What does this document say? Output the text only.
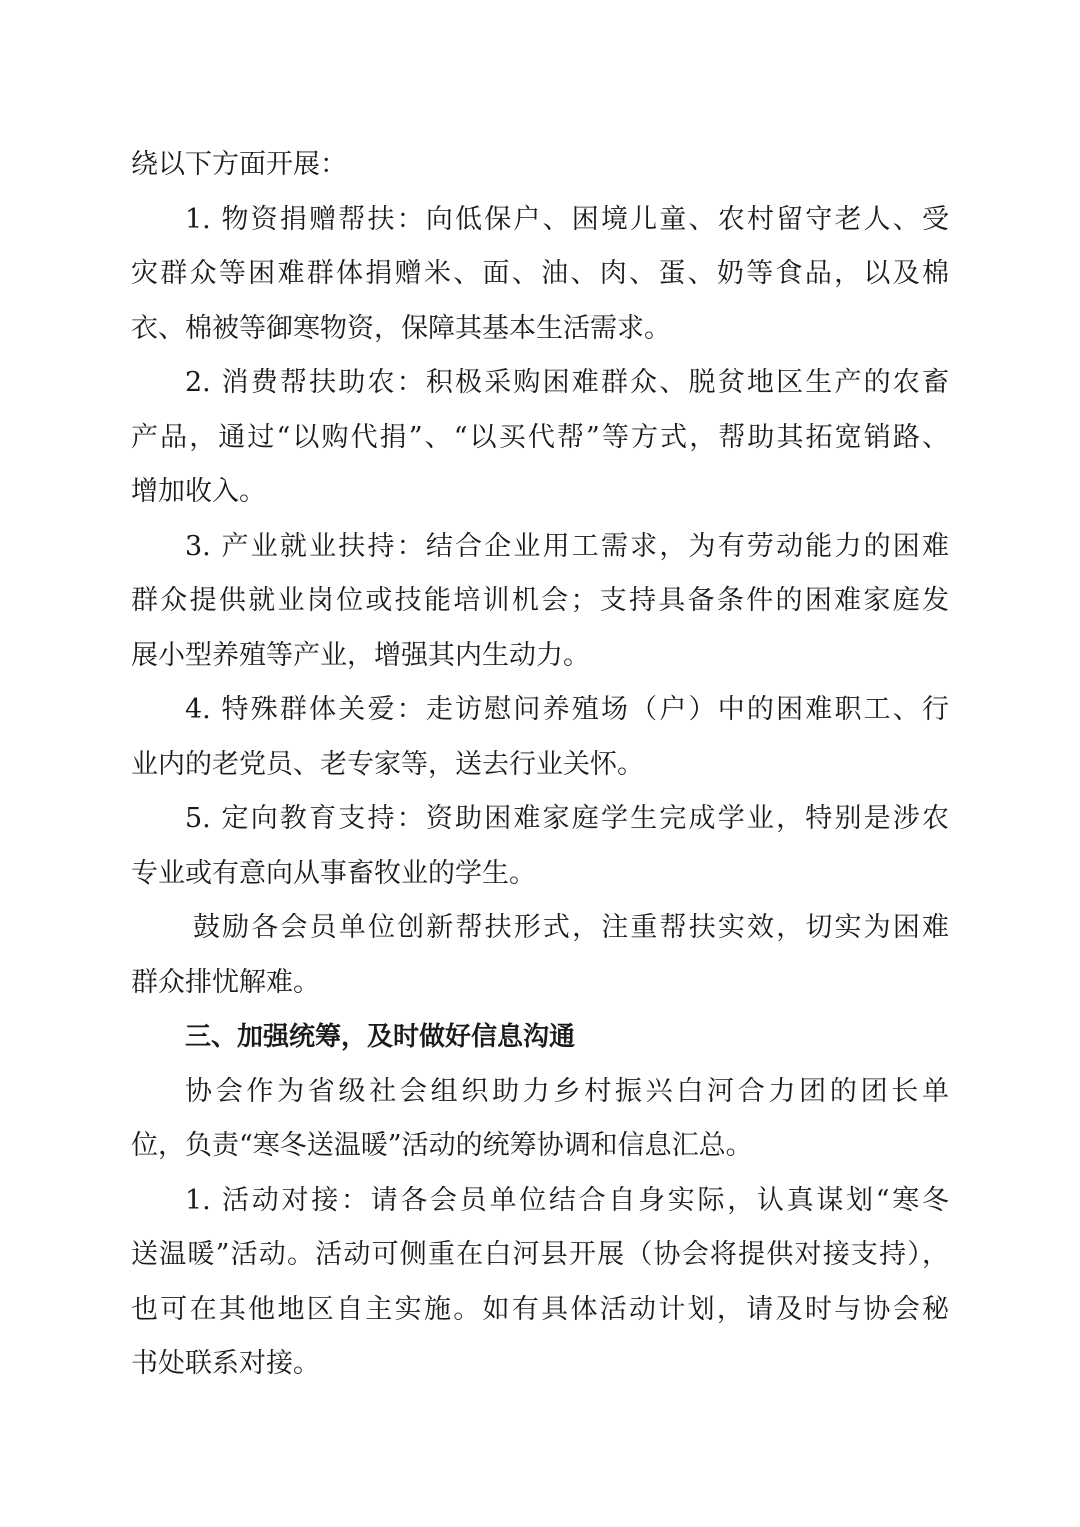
绕以下方面开展：
1. 物资捐赠帮扶：向低保户、困境儿童、农村留守老人、受
灾群众等困难群体捐赠米、面、油、肉、蛋、奶等食品，以及棉
衣、棉被等御寒物资，保障其基本生活需求。
2. 消费帮扶助农：积极采购困难群众、脱贫地区生产的农畜
产品，通过“以购代捐”、“以买代帮”等方式，帮助其拓宽销路、
增加收入。
3. 产业就业扶持：结合企业用工需求，为有劳动能力的困难
群众提供就业岗位或技能培训机会；支持具备条件的困难家庭发
展小型养殖等产业，增强其内生动力。
4. 特殊群体关爱：走访慰问养殖场（户）中的困难职工、行
业内的老党员、老专家等，送去行业关怀。
5. 定向教育支持：资助困难家庭学生完成学业，特别是涉农
专业或有意向从事畜牧业的学生。
鼓励各会员单位创新帮扶形式，注重帮扶实效，切实为困难
群众排忧解难。
三、加强统筹，及时做好信息沟通
协会作为省级社会组织助力乡村振兴白河合力团的团长单
位，负责“寒冬送温暖”活动的统筹协调和信息汇总。
1. 活动对接：请各会员单位结合自身实际，认真谋划“寒冬
送温暖”活动。活动可侧重在白河县开展（协会将提供对接支持），
也可在其他地区自主实施。如有具体活动计划，请及时与协会秘
书处联系对接。
